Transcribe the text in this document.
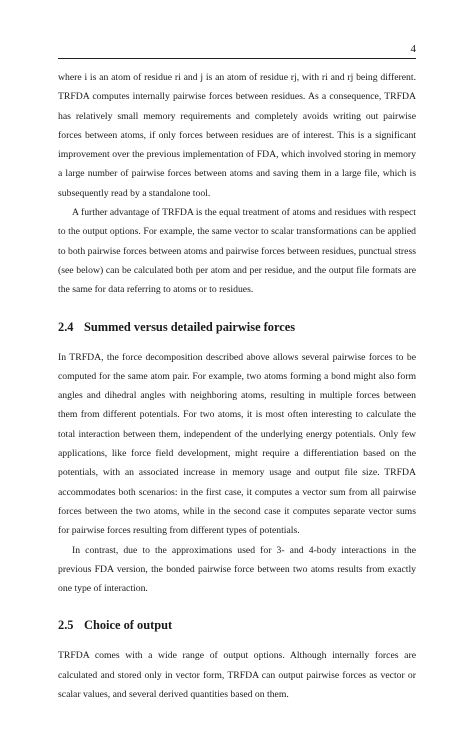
4

where i is an atom of residue ri and j is an atom of residue rj, with ri and rj being different. TRFDA computes internally pairwise forces between residues. As a consequence, TRFDA has relatively small memory requirements and completely avoids writing out pairwise forces between atoms, if only forces between residues are of interest. This is a significant improvement over the previous implementation of FDA, which involved storing in memory a large number of pairwise forces between atoms and saving them in a large file, which is subsequently read by a standalone tool.

A further advantage of TRFDA is the equal treatment of atoms and residues with respect to the output options. For example, the same vector to scalar transformations can be applied to both pairwise forces between atoms and pairwise forces between residues, punctual stress (see below) can be calculated both per atom and per residue, and the output file formats are the same for data referring to atoms or to residues.

2.4 Summed versus detailed pairwise forces

In TRFDA, the force decomposition described above allows several pairwise forces to be computed for the same atom pair. For example, two atoms forming a bond might also form angles and dihedral angles with neighboring atoms, resulting in multiple forces between them from different potentials. For two atoms, it is most often interesting to calculate the total interaction between them, independent of the underlying energy potentials. Only few applications, like force field development, might require a differentiation based on the potentials, with an associated increase in memory usage and output file size. TRFDA accommodates both scenarios: in the first case, it computes a vector sum from all pairwise forces between the two atoms, while in the second case it computes separate vector sums for pairwise forces resulting from different types of potentials.

In contrast, due to the approximations used for 3- and 4-body interactions in the previous FDA version, the bonded pairwise force between two atoms results from exactly one type of interaction.

2.5 Choice of output

TRFDA comes with a wide range of output options. Although internally forces are calculated and stored only in vector form, TRFDA can output pairwise forces as vector or scalar values, and several derived quantities based on them.
